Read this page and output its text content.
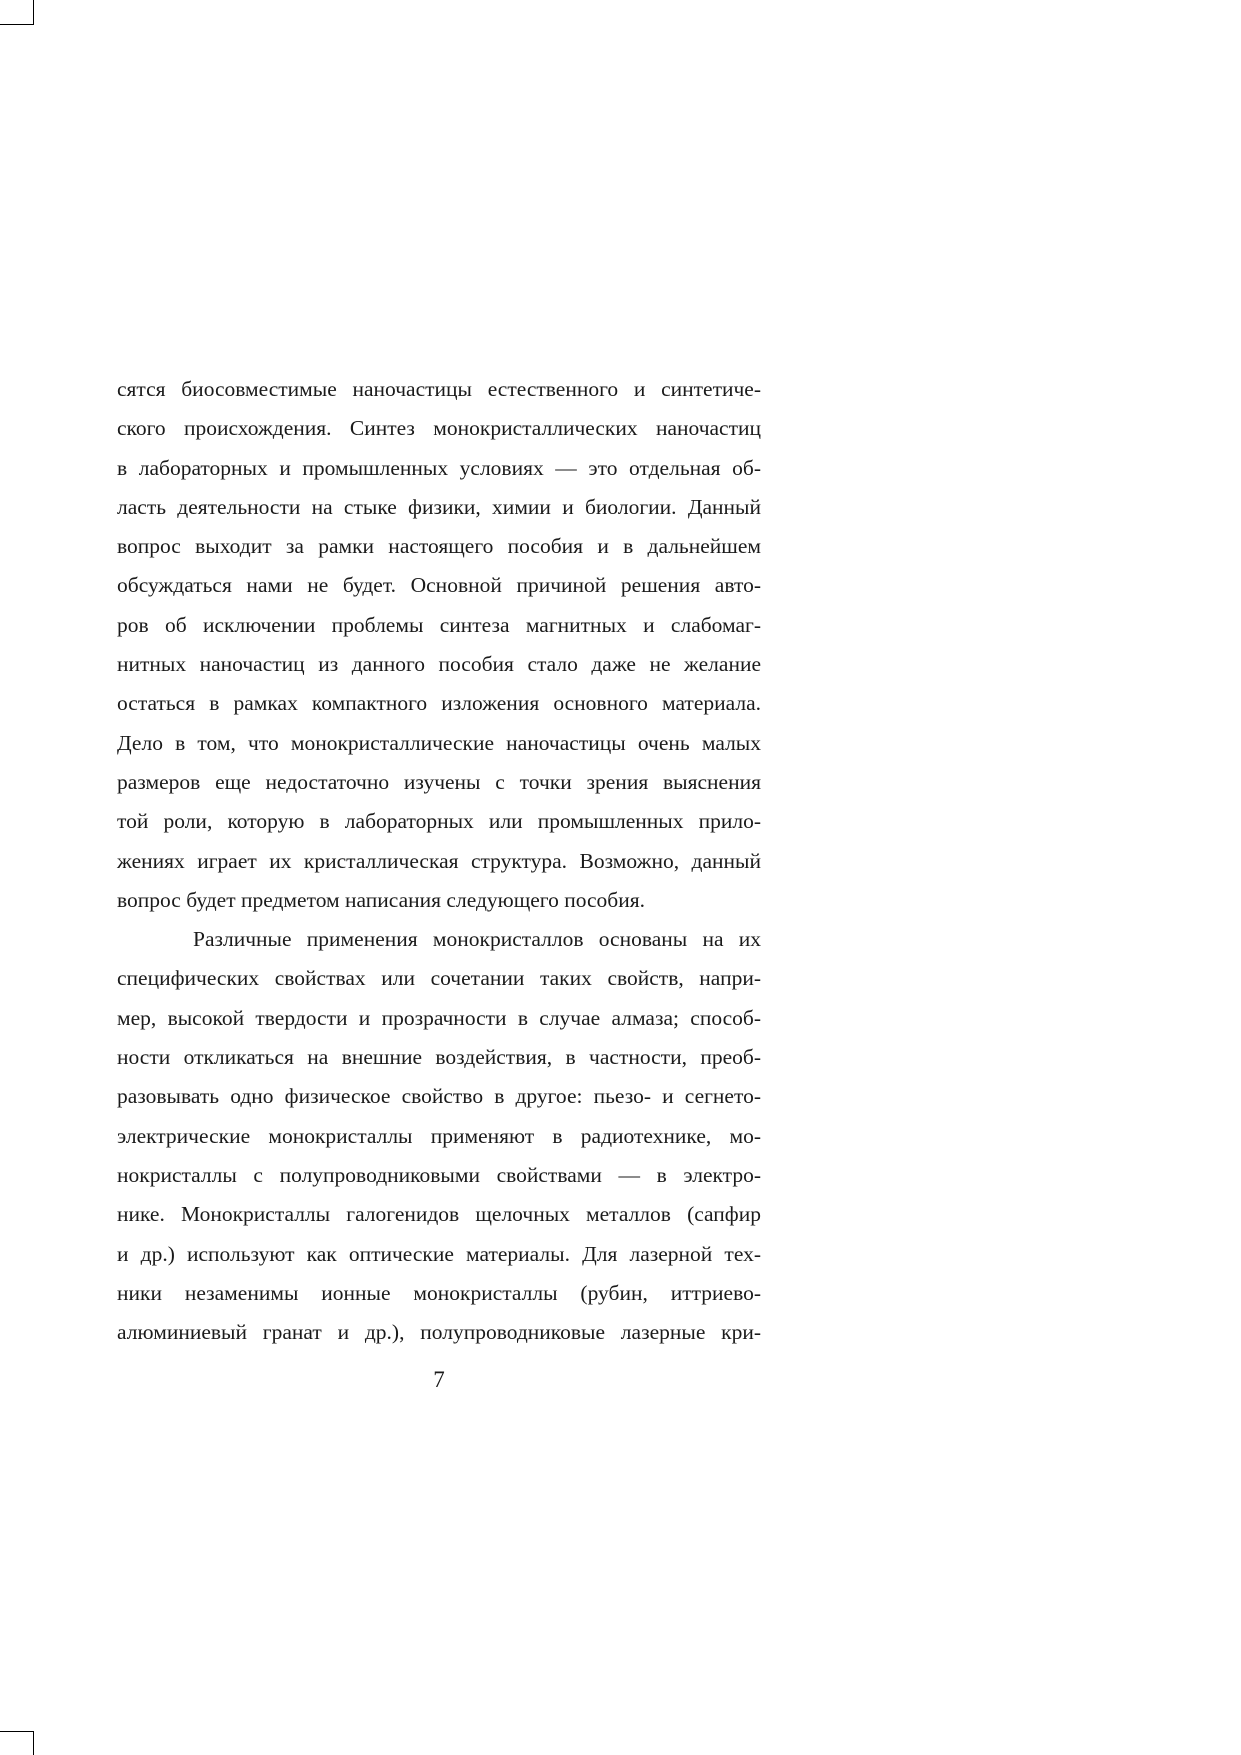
сятся биосовместимые наночастицы естественного и синтетиче-
ского происхождения. Синтез монокристаллических наночастиц
в лабораторных и промышленных условиях — это отдельная об-
ласть деятельности на стыке физики, химии и биологии. Данный
вопрос выходит за рамки настоящего пособия и в дальнейшем
обсуждаться нами не будет. Основной причиной решения авто-
ров об исключении проблемы синтеза магнитных и слабомаг-
нитных наночастиц из данного пособия стало даже не желание
остаться в рамках компактного изложения основного материала.
Дело в том, что монокристаллические наночастицы очень малых
размеров еще недостаточно изучены с точки зрения выяснения
той роли, которую в лабораторных или промышленных прило-
жениях играет их кристаллическая структура. Возможно, данный
вопрос будет предметом написания следующего пособия.
Различные применения монокристаллов основаны на их
специфических свойствах или сочетании таких свойств, напри-
мер, высокой твердости и прозрачности в случае алмаза; способ-
ности откликаться на внешние воздействия, в частности, преоб-
разовывать одно физическое свойство в другое: пьезо- и сегнето-
электрические монокристаллы применяют в радиотехнике, мо-
нокристаллы с полупроводниковыми свойствами — в электро-
нике. Монокристаллы галогенидов щелочных металлов (сапфир
и др.) используют как оптические материалы. Для лазерной тех-
ники незаменимы ионные монокристаллы (рубин, иттриево-
алюминиевый гранат и др.), полупроводниковые лазерные кри-
7
